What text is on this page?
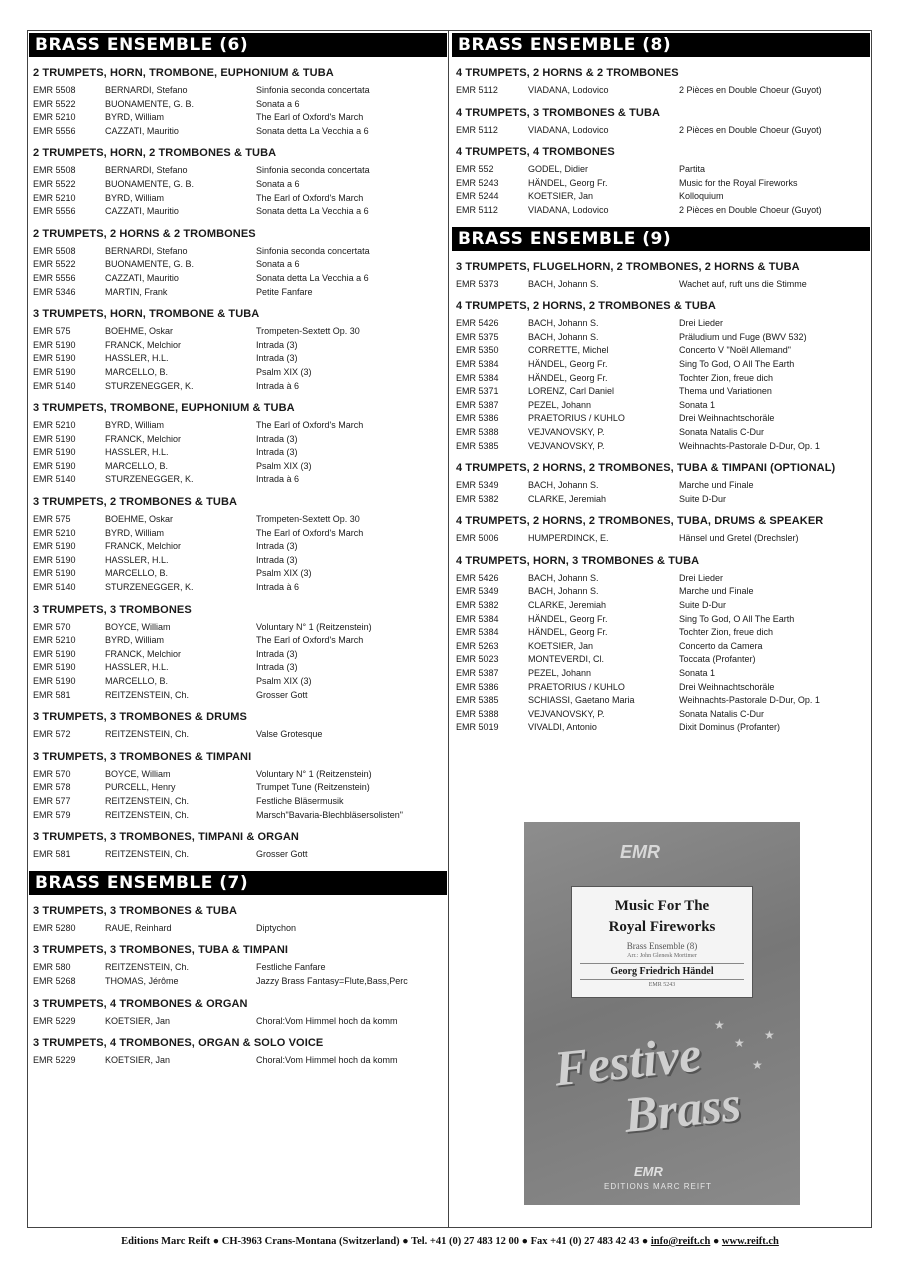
BRASS ENSEMBLE (6)
2 TRUMPETS, HORN, TROMBONE, EUPHONIUM & TUBA
EMR 5508	BERNARDI, Stefano	Sinfonia seconda concertata
EMR 5522	BUONAMENTE, G. B.	Sonata a 6
EMR 5210	BYRD, William	The Earl of Oxford's March
EMR 5556	CAZZATI, Mauritio	Sonata detta La Vecchia a 6
2 TRUMPETS, HORN, 2 TROMBONES & TUBA
EMR 5508	BERNARDI, Stefano	Sinfonia seconda concertata
EMR 5522	BUONAMENTE, G. B.	Sonata a 6
EMR 5210	BYRD, William	The Earl of Oxford's March
EMR 5556	CAZZATI, Mauritio	Sonata detta La Vecchia a 6
2 TRUMPETS, 2 HORNS & 2 TROMBONES
EMR 5508	BERNARDI, Stefano	Sinfonia seconda concertata
EMR 5522	BUONAMENTE, G. B.	Sonata a 6
EMR 5556	CAZZATI, Mauritio	Sonata detta La Vecchia a 6
EMR 5346	MARTIN, Frank	Petite Fanfare
3 TRUMPETS, HORN, TROMBONE & TUBA
EMR 575	BOEHME, Oskar	Trompeten-Sextett Op. 30
EMR 5190	FRANCK, Melchior	Intrada (3)
EMR 5190	HASSLER, H.L.	Intrada (3)
EMR 5190	MARCELLO, B.	Psalm XIX (3)
EMR 5140	STURZENEGGER, K.	Intrada à 6
3 TRUMPETS, TROMBONE, EUPHONIUM & TUBA
EMR 5210	BYRD, William	The Earl of Oxford's March
EMR 5190	FRANCK, Melchior	Intrada (3)
EMR 5190	HASSLER, H.L.	Intrada (3)
EMR 5190	MARCELLO, B.	Psalm XIX (3)
EMR 5140	STURZENEGGER, K.	Intrada à 6
3 TRUMPETS, 2 TROMBONES & TUBA
EMR 575	BOEHME, Oskar	Trompeten-Sextett Op. 30
EMR 5210	BYRD, William	The Earl of Oxford's March
EMR 5190	FRANCK, Melchior	Intrada (3)
EMR 5190	HASSLER, H.L.	Intrada (3)
EMR 5190	MARCELLO, B.	Psalm XIX (3)
EMR 5140	STURZENEGGER, K.	Intrada à 6
3 TRUMPETS, 3 TROMBONES
EMR 570	BOYCE, William	Voluntary N° 1 (Reitzenstein)
EMR 5210	BYRD, William	The Earl of Oxford's March
EMR 5190	FRANCK, Melchior	Intrada (3)
EMR 5190	HASSLER, H.L.	Intrada (3)
EMR 5190	MARCELLO, B.	Psalm XIX (3)
EMR 581	REITZENSTEIN, Ch.	Grosser Gott
3 TRUMPETS, 3 TROMBONES & DRUMS
EMR 572	REITZENSTEIN, Ch.	Valse Grotesque
3 TRUMPETS, 3 TROMBONES & TIMPANI
EMR 570	BOYCE, William	Voluntary N° 1 (Reitzenstein)
EMR 578	PURCELL, Henry	Trumpet Tune (Reitzenstein)
EMR 577	REITZENSTEIN, Ch.	Festliche Bläsermusik
EMR 579	REITZENSTEIN, Ch.	Marsch"Bavaria-Blechbläsersolisten"
3 TRUMPETS, 3 TROMBONES, TIMPANI & ORGAN
EMR 581	REITZENSTEIN, Ch.	Grosser Gott
BRASS ENSEMBLE (7)
3 TRUMPETS, 3 TROMBONES & TUBA
EMR 5280	RAUE, Reinhard	Diptychon
3 TRUMPETS, 3 TROMBONES, TUBA & TIMPANI
EMR 580	REITZENSTEIN, Ch.	Festliche Fanfare
EMR 5268	THOMAS, Jérôme	Jazzy Brass Fantasy=Flute,Bass,Perc
3 TRUMPETS, 4 TROMBONES & ORGAN
EMR 5229	KOETSIER, Jan	Choral:Vom Himmel hoch da komm
3 TRUMPETS, 4 TROMBONES, ORGAN & SOLO VOICE
EMR 5229	KOETSIER, Jan	Choral:Vom Himmel hoch da komm
BRASS ENSEMBLE (8)
4 TRUMPETS, 2 HORNS & 2 TROMBONES
EMR 5112	VIADANA, Lodovico	2 Pièces en Double Choeur (Guyot)
4 TRUMPETS, 3 TROMBONES & TUBA
EMR 5112	VIADANA, Lodovico	2 Pièces en Double Choeur (Guyot)
4 TRUMPETS, 4 TROMBONES
EMR 552	GODEL, Didier	Partita
EMR 5243	HÄNDEL, Georg Fr.	Music for the Royal Fireworks
EMR 5244	KOETSIER, Jan	Kolloquium
EMR 5112	VIADANA, Lodovico	2 Pièces en Double Choeur (Guyot)
BRASS ENSEMBLE (9)
3 TRUMPETS, FLUGELHORN, 2 TROMBONES, 2 HORNS & TUBA
EMR 5373	BACH, Johann S.	Wachet auf, ruft uns die Stimme
4 TRUMPETS, 2 HORNS, 2 TROMBONES & TUBA
EMR 5426	BACH, Johann S.	Drei Lieder
EMR 5375	BACH, Johann S.	Präludium und Fuge (BWV 532)
EMR 5350	CORRETTE, Michel	Concerto V "Noël Allemand"
EMR 5384	HÄNDEL, Georg Fr.	Sing To God, O All The Earth
EMR 5384	HÄNDEL, Georg Fr.	Tochter Zion, freue dich
EMR 5371	LORENZ, Carl Daniel	Thema und Variationen
EMR 5387	PEZEL, Johann	Sonata 1
EMR 5386	PRAETORIUS / KUHLO	Drei Weihnachtschoräle
EMR 5388	VEJVANOVSKY, P.	Sonata Natalis C-Dur
EMR 5385	VEJVANOVSKY, P.	Weihnachts-Pastorale D-Dur, Op. 1
4 TRUMPETS, 2 HORNS, 2 TROMBONES, TUBA & TIMPANI (OPTIONAL)
EMR 5349	BACH, Johann S.	Marche und Finale
EMR 5382	CLARKE, Jeremiah	Suite D-Dur
4 TRUMPETS, 2 HORNS, 2 TROMBONES, TUBA, DRUMS & SPEAKER
EMR 5006	HUMPERDINCK, E.	Hänsel und Gretel (Drechsler)
4 TRUMPETS, HORN, 3 TROMBONES & TUBA
EMR 5426	BACH, Johann S.	Drei Lieder
EMR 5349	BACH, Johann S.	Marche und Finale
EMR 5382	CLARKE, Jeremiah	Suite D-Dur
EMR 5384	HÄNDEL, Georg Fr.	Sing To God, O All The Earth
EMR 5384	HÄNDEL, Georg Fr.	Tochter Zion, freue dich
EMR 5263	KOETSIER, Jan	Concerto da Camera
EMR 5023	MONTEVERDI, Cl.	Toccata (Profanter)
EMR 5387	PEZEL, Johann	Sonata 1
EMR 5386	PRAETORIUS / KUHLO	Drei Weihnachtschoräle
EMR 5385	SCHIASSI, Gaetano Maria	Weihnachts-Pastorale D-Dur, Op. 1
EMR 5388	VEJVANOVSKY, P.	Sonata Natalis C-Dur
EMR 5019	VIVALDI, Antonio	Dixit Dominus (Profanter)
EMR
Music For The
Royal Fireworks
Brass Ensemble (8)
Arr.: John Glenesk Mortimer
Georg Friedrich Händel
EMR 5243
★
★
★
★
Festive
Brass
EMR
EDITIONS MARC REIFT
Editions Marc Reift ● CH-3963 Crans-Montana (Switzerland) ● Tel. +41 (0) 27 483 12 00 ● Fax +41 (0) 27 483 42 43 ● info@reift.ch ● www.reift.ch
